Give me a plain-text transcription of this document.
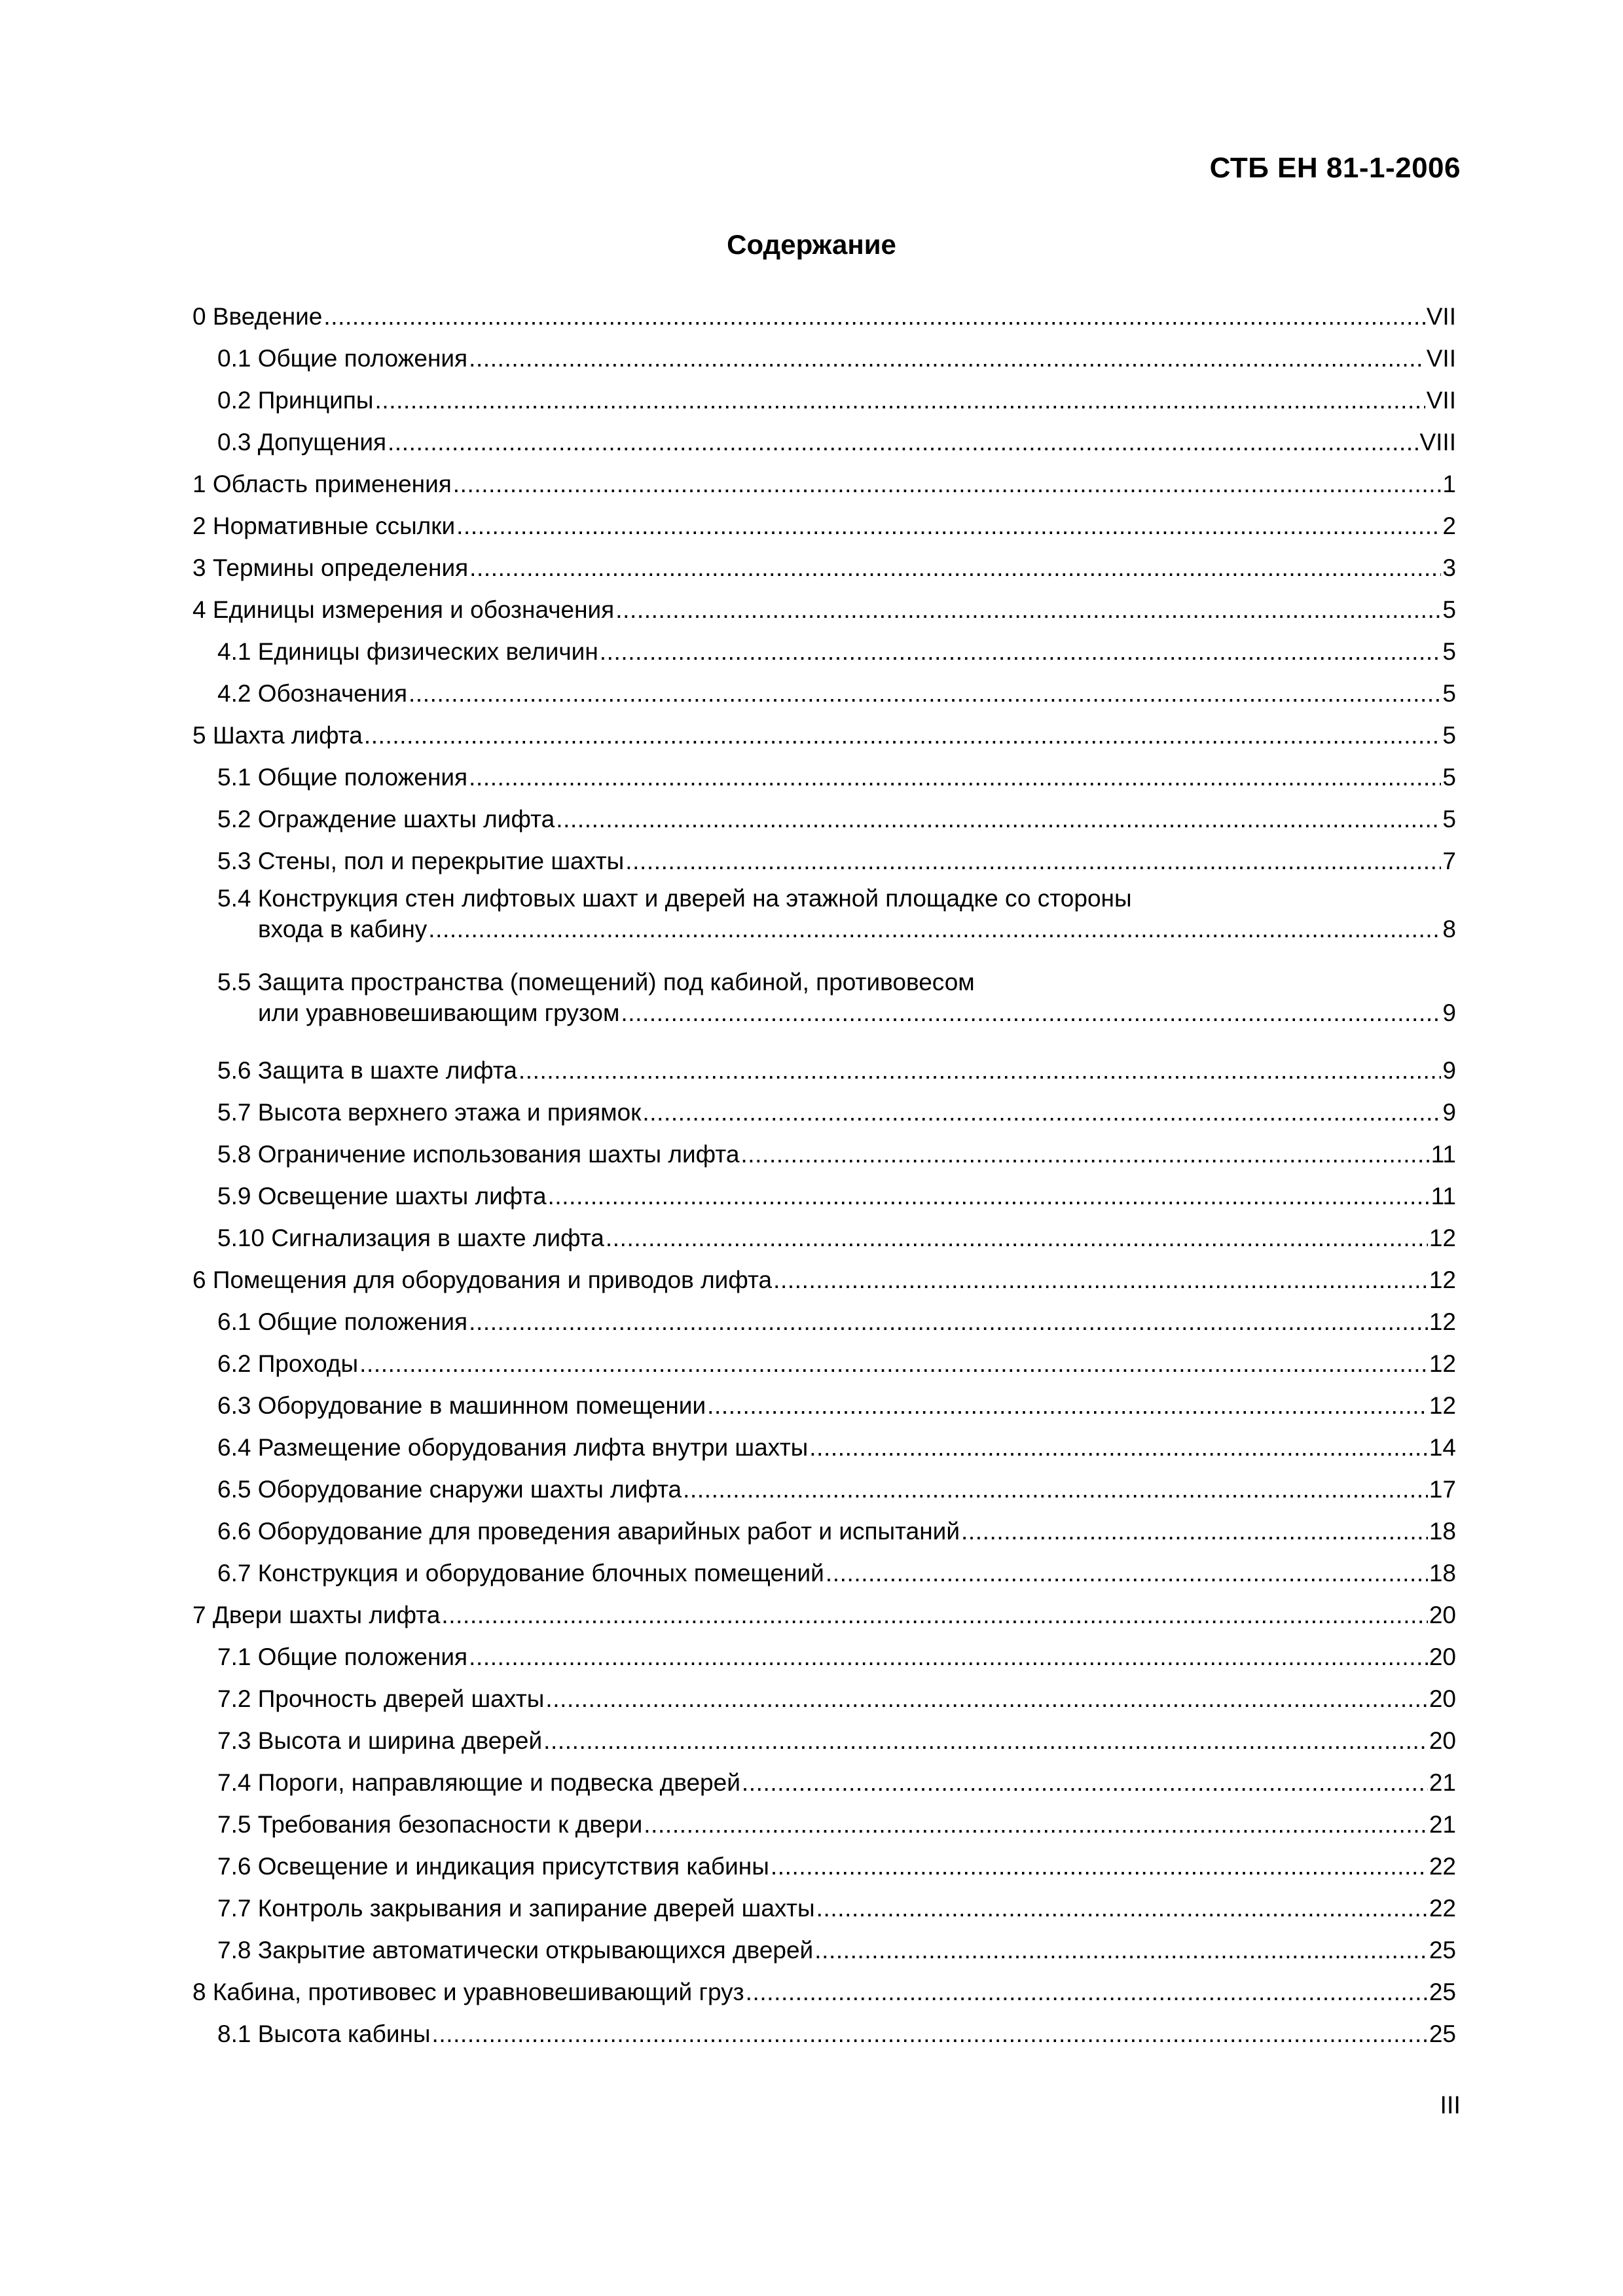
СТБ ЕН 81-1-2006
Содержание
0 Введение .....	VII
0.1 Общие положения .....	VII
0.2 Принципы .....	VII
0.3 Допущения .....	VIII
1 Область применения .....	1
2 Нормативные ссылки .....	2
3 Термины определения .....	3
4 Единицы измерения и обозначения .....	5
4.1 Единицы физических величин .....	5
4.2 Обозначения .....	5
5 Шахта лифта .....	5
5.1 Общие положения .....	5
5.2 Ограждение шахты лифта .....	5
5.3 Стены, пол и перекрытие шахты .....	7
5.4 Конструкция стен лифтовых шахт и дверей на этажной площадке со стороны
входа в кабину .....	8
5.5 Защита пространства (помещений) под кабиной, противовесом
или уравновешивающим грузом .....	9
5.6 Защита в шахте лифта .....	9
5.7 Высота верхнего этажа и приямок .....	9
5.8 Ограничение использования шахты лифта .....	11
5.9 Освещение шахты лифта .....	11
5.10 Сигнализация в шахте лифта .....	12
6 Помещения для оборудования и приводов лифта .....	12
6.1 Общие положения .....	12
6.2 Проходы .....	12
6.3 Оборудование в машинном помещении .....	12
6.4 Размещение оборудования лифта внутри шахты .....	14
6.5 Оборудование снаружи шахты лифта .....	17
6.6 Оборудование для проведения аварийных работ и испытаний .....	18
6.7 Конструкция и оборудование блочных помещений .....	18
7 Двери шахты лифта .....	20
7.1 Общие положения .....	20
7.2 Прочность дверей шахты .....	20
7.3 Высота и ширина дверей .....	20
7.4 Пороги, направляющие и подвеска дверей .....	21
7.5 Требования безопасности к двери .....	21
7.6 Освещение и индикация присутствия кабины .....	22
7.7 Контроль закрывания и запирание дверей шахты .....	22
7.8 Закрытие автоматически открывающихся дверей .....	25
8 Кабина, противовес и уравновешивающий груз .....	25
8.1 Высота кабины .....	25
III
